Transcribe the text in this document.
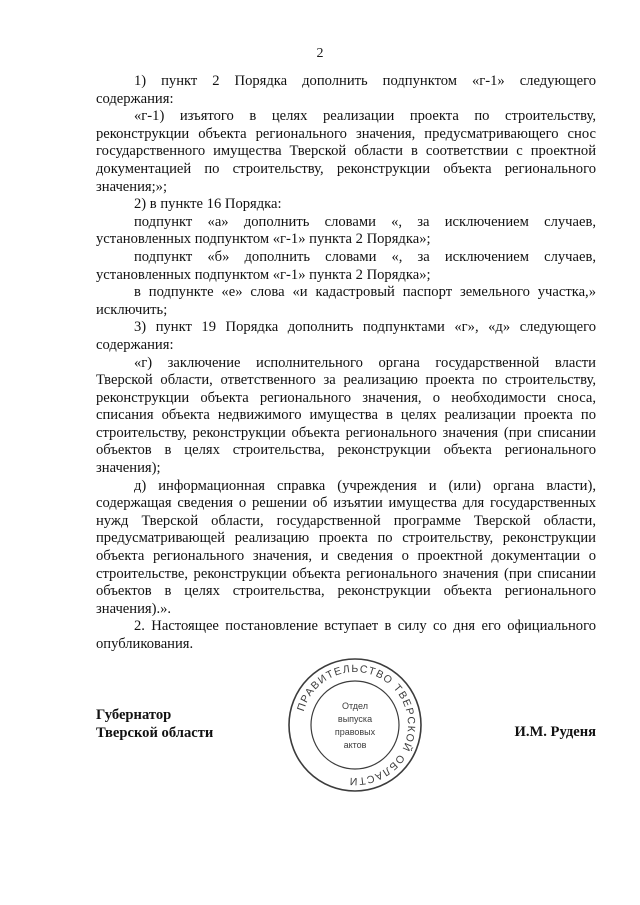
2

1) пункт 2 Порядка дополнить подпунктом «г-1» следующего содержания:

«г-1) изъятого в целях реализации проекта по строительству, реконструкции объекта регионального значения, предусматривающего снос государственного имущества Тверской области в соответствии с проектной документацией по строительству, реконструкции объекта регионального значения;»;

2) в пункте 16 Порядка:

подпункт «а» дополнить словами «, за исключением случаев, установленных подпунктом «г-1» пункта 2 Порядка»;

подпункт «б» дополнить словами «, за исключением случаев, установленных подпунктом «г-1» пункта 2 Порядка»;

в подпункте «е» слова «и кадастровый паспорт земельного участка,» исключить;

3) пункт 19 Порядка дополнить подпунктами «г», «д» следующего содержания:

«г) заключение исполнительного органа государственной власти Тверской области, ответственного за реализацию проекта по строительству, реконструкции объекта регионального значения, о необходимости сноса, списания объекта недвижимого имущества в целях реализации проекта по строительству, реконструкции объекта регионального значения (при списании объектов в целях строительства, реконструкции объекта регионального значения);

д) информационная справка (учреждения и (или) органа власти), содержащая сведения о решении об изъятии имущества для государственных нужд Тверской области, государственной программе Тверской области, предусматривающей реализацию проекта по строительству, реконструкции объекта регионального значения, и сведения о проектной документации о строительстве, реконструкции объекта регионального значения (при списании объектов в целях строительства, реконструкции объекта регионального значения).».

2. Настоящее постановление вступает в силу со дня его официального опубликования.

Губернатор
Тверской области
ПРАВИТЕЛЬСТВО ТВЕРСКОЙ ОБЛАСТИ
Отдел
выпуска
правовых
актов
И.М. Руденя
